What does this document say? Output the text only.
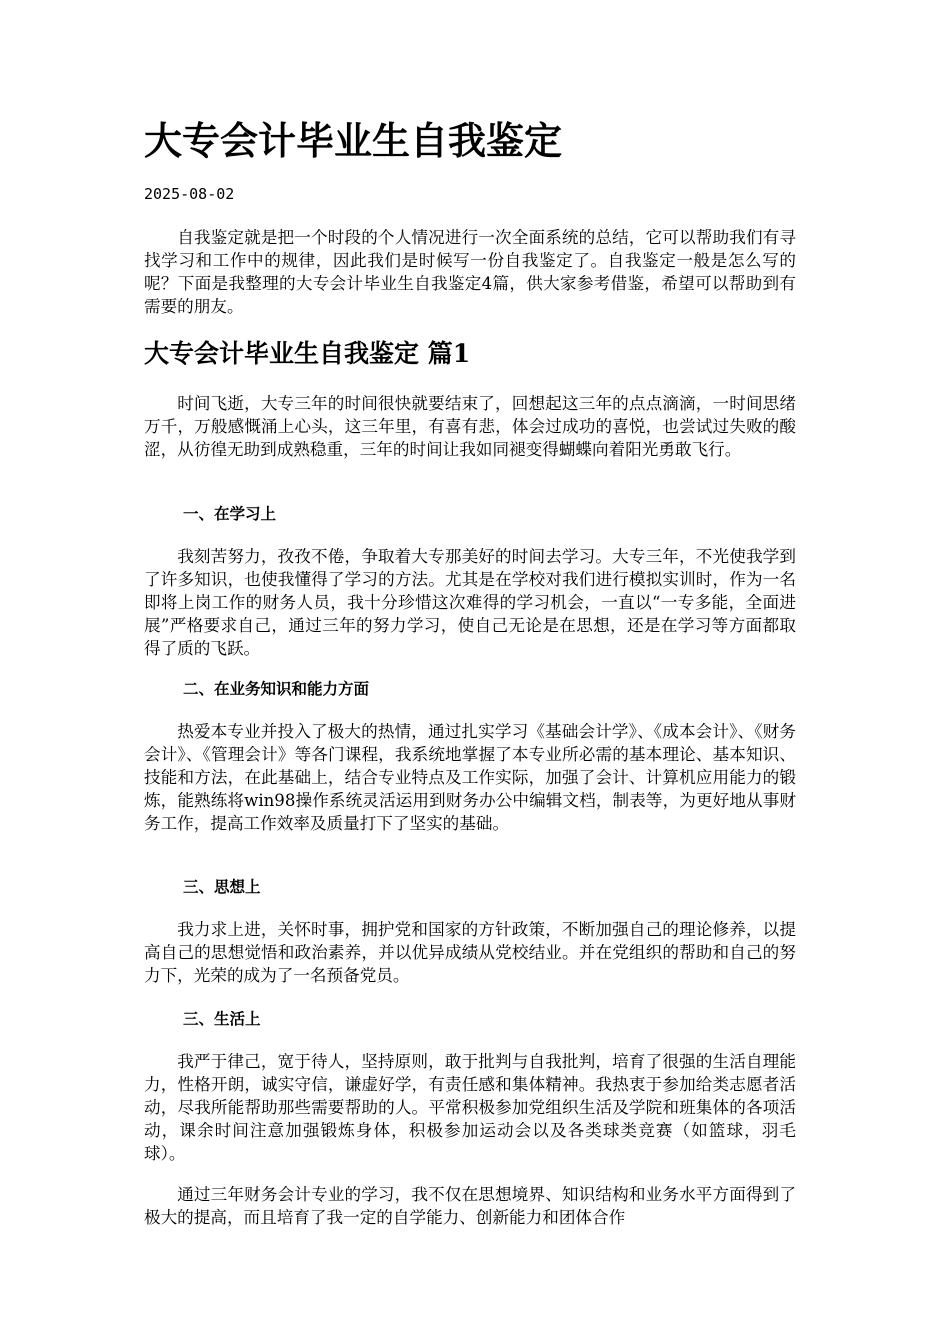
大专会计毕业生自我鉴定
2025-08-02

自我鉴定就是把一个时段的个人情况进行一次全面系统的总结，它可以帮助我们有寻找学习和工作中的规律，因此我们是时候写一份自我鉴定了。自我鉴定一般是怎么写的呢？下面是我整理的大专会计毕业生自我鉴定4篇，供大家参考借鉴，希望可以帮助到有需要的朋友。

大专会计毕业生自我鉴定 篇1

时间飞逝，大专三年的时间很快就要结束了，回想起这三年的点点滴滴，一时间思绪万千，万般感慨涌上心头，这三年里，有喜有悲，体会过成功的喜悦，也尝试过失败的酸涩，从彷徨无助到成熟稳重，三年的时间让我如同褪变得蝴蝶向着阳光勇敢飞行。

一、在学习上

我刻苦努力，孜孜不倦，争取着大专那美好的时间去学习。大专三年，不光使我学到了许多知识，也使我懂得了学习的方法。尤其是在学校对我们进行模拟实训时，作为一名即将上岗工作的财务人员，我十分珍惜这次难得的学习机会，一直以“一专多能，全面进展”严格要求自己，通过三年的努力学习，使自己无论是在思想，还是在学习等方面都取得了质的飞跃。

二、在业务知识和能力方面

热爱本专业并投入了极大的热情，通过扎实学习《基础会计学》、《成本会计》、《财务会计》、《管理会计》等各门课程，我系统地掌握了本专业所必需的基本理论、基本知识、技能和方法，在此基础上，结合专业特点及工作实际，加强了会计、计算机应用能力的锻炼，能熟练将win98操作系统灵活运用到财务办公中编辑文档，制表等，为更好地从事财务工作，提高工作效率及质量打下了坚实的基础。

三、思想上

我力求上进，关怀时事，拥护党和国家的方针政策，不断加强自己的理论修养，以提高自己的思想觉悟和政治素养，并以优异成绩从党校结业。并在党组织的帮助和自己的努力下，光荣的成为了一名预备党员。

三、生活上

我严于律己，宽于待人，坚持原则，敢于批判与自我批判，培育了很强的生活自理能力，性格开朗，诚实守信，谦虚好学，有责任感和集体精神。我热衷于参加给类志愿者活动，尽我所能帮助那些需要帮助的人。平常积极参加党组织生活及学院和班集体的各项活动，课余时间注意加强锻炼身体，积极参加运动会以及各类球类竞赛（如篮球，羽毛球）。

通过三年财务会计专业的学习，我不仅在思想境界、知识结构和业务水平方面得到了极大的提高，而且培育了我一定的自学能力、创新能力和团体合作
